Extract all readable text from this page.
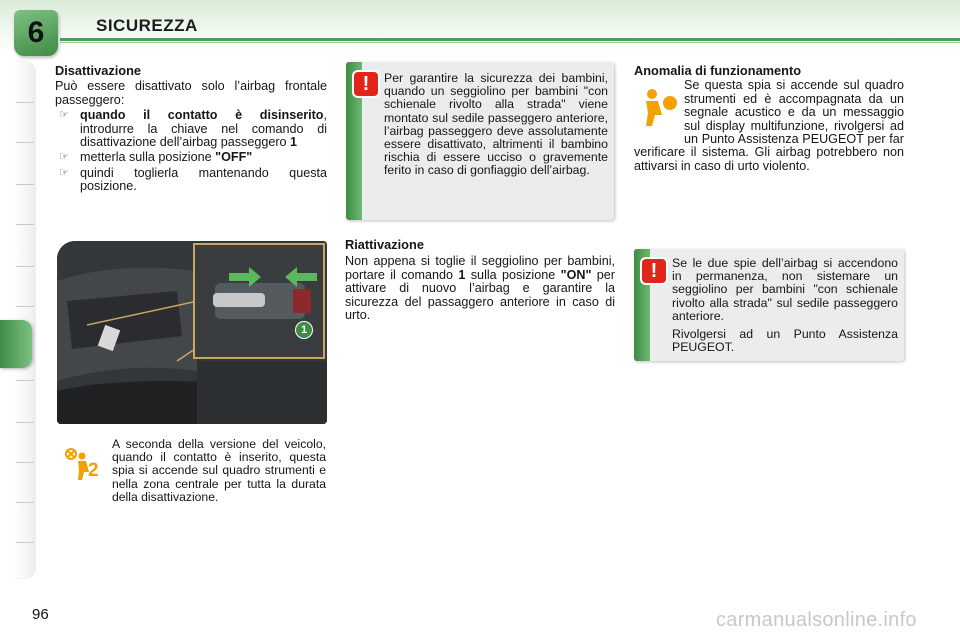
6	SICUREZZA

Disattivazione

Può essere disattivato solo l’airbag frontale passeggero:

☞ quando il contatto è disinserito, introdurre la chiave nel comando di disattivazione dell’airbag passeggero 1
☞ metterla sulla posizione "OFF"
☞ quindi toglierla mantenando questa posizione.
1
2
A seconda della versione del veicolo, quando il contatto è inserito, questa spia si accende sul quadro strumenti e nella zona centrale per tutta la durata della disattivazione.
!	Per garantire la sicurezza dei bambini, quando un seggiolino per bambini "con schienale rivolto alla strada" viene montato sul sedile passeggero anteriore, l’airbag passeggero deve assolutamente essere disattivato, altrimenti il bambino rischia di essere ucciso o gravemente ferito in caso di gonfiaggio dell’airbag.

Riattivazione

Non appena si toglie il seggiolino per bambini, portare il comando 1 sulla posizione "ON" per attivare di nuovo l’airbag e garantire la sicurezza del passaggero anteriore in caso di urto.

Anomalia di funzionamento

Se questa spia si accende sul quadro strumenti ed è accompagnata da un segnale acustico e da un messaggio sul display multifunzione, rivolgersi ad un Punto Assistenza PEUGEOT per far verificare il sistema. Gli airbag potrebbero non attivarsi in caso di urto violento.

!	Se le due spie dell’airbag si accendono in permanenza, non sistemare un seggiolino per bambini "con schienale rivolto alla strada" sul sedile passeggero anteriore.

Rivolgersi ad un Punto Assistenza PEUGEOT.

96	carmanualsonline.info
